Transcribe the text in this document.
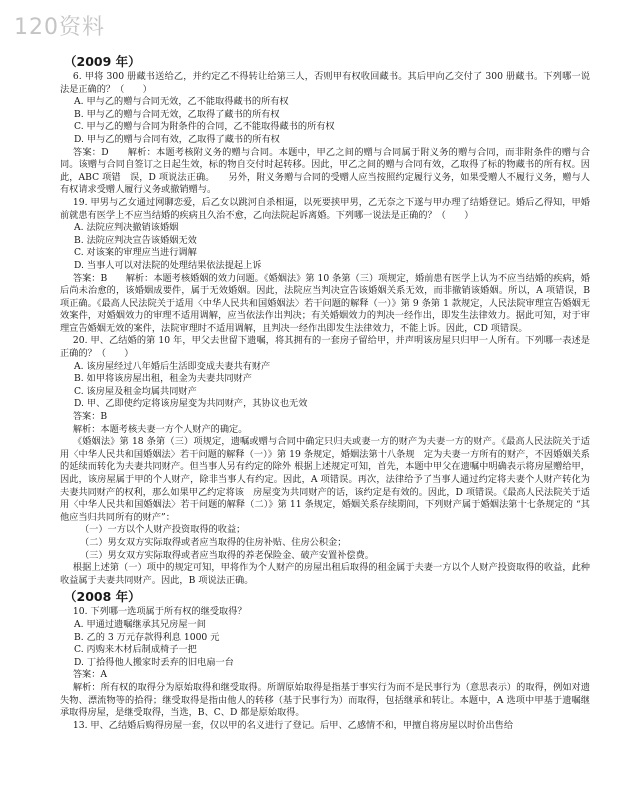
120资料
（2009 年）

6. 甲将 300 册藏书送给乙，并约定乙不得转让给第三人，否则甲有权收回藏书。其后甲向乙交付了 300 册藏书。下列哪一说法是正确的？（　　）

A. 甲与乙的赠与合同无效，乙不能取得藏书的所有权

B. 甲与乙的赠与合同无效，乙取得了藏书的所有权

C. 甲与乙的赠与合同为附条件的合同，乙不能取得藏书的所有权

D. 甲与乙的赠与合同有效，乙取得了藏书的所有权

答案：D　　解析：本题考核附义务的赠与合同。本题中，甲乙之间的赠与合同属于附义务的赠与合同，而非附条件的赠与合同。该赠与合同自签订之日起生效，标的物自交付时起转移。因此，甲乙之间的赠与合同有效，乙取得了标的物藏书的所有权。因此，ABC 项错　误，D 项说法正确。　　另外，附义务赠与合同的受赠人应当按照约定履行义务，如果受赠人不履行义务，赠与人有权请求受赠人履行义务或撤销赠与。

19. 甲男与乙女通过网聊恋爱，后乙女以跳河自杀相逼，以死要挟甲男，乙无奈之下遂与甲办理了结婚登记。婚后乙得知，甲婚前就患有医学上不应当结婚的疾病且久治不愈，乙向法院起诉离婚。下列哪一说法是正确的？（　　）

A. 法院应判决撤销该婚姻

B. 法院应判决宣告该婚姻无效

C. 对该案的审理应当进行调解

D. 当事人可以对法院的处理结果依法提起上诉

答案：B　　解析：本题考核婚姻的效力问题。《婚姻法》第 10 条第（三）项规定，婚前患有医学上认为不应当结婚的疾病，婚后尚未治愈的，该婚姻成要件，属于无效婚姻。因此，法院应当判决宣告该婚姻关系无效，而非撤销该婚姻。所以，A 项错误，B 项正确。《最高人民法院关于适用〈中华人民共和国婚姻法〉若干问题的解释（一）》第 9 条第 1 款规定，人民法院审理宣告婚姻无效案件，对婚姻效力的审理不适用调解，应当依法作出判决；有关婚姻效力的判决一经作出，即发生法律效力。据此可知，对于审理宣告婚姻无效的案件，法院审理时不适用调解，且判决一经作出即发生法律效力，不能上诉。因此，CD 项错误。

20. 甲、乙结婚的第 10 年，甲父去世留下遗嘱，将其拥有的一套房子留给甲，并声明该房屋只归甲一人所有。下列哪一表述是正确的？（　　）

A. 该房屋经过八年婚后生活即变成夫妻共有财产

B. 如甲将该房屋出租，租金为夫妻共同财产

C. 该房屋及租金均属共同财产

D. 甲、乙即使约定将该房屋变为共同财产，其协议也无效

答案：B

解析：本题考核夫妻一方个人财产的确定。

《婚姻法》第 18 条第（三）项规定，遗嘱或赠与合同中确定只归夫或妻一方的财产为夫妻一方的财产。《最高人民法院关于适用〈中华人民共和国婚姻法〉若干问题的解释（一）》第 19 条规定，婚姻法第十八条规　定为夫妻一方所有的财产，不因婚姻关系的延续而转化为夫妻共同财产。但当事人另有约定的除外 根据上述规定可知，首先，本题中甲父在遗嘱中明确表示将房屋赠给甲，因此，该房屋属于甲的个人财产，除非当事人有约定。因此，A 项错误。再次，法律给予了当事人通过约定将夫妻个人财产转化为夫妻共同财产的权利，那么如果甲乙约定将该　房屋变为共同财产的话，该约定是有效的。因此，D 项错误。《最高人民法院关于适用〈中华人民共和国婚姻法〉若干问题的解释（二）》第 11 条规定，婚姻关系存续期间，下列财产属于婚姻法第十七条规定的 “其他应当归共同所有的财产”：

（一）一方以个人财产投资取得的收益；

（二）男女双方实际取得或者应当取得的住房补贴、住房公积金；

（三）男女双方实际取得或者应当取得的养老保险金、破产安置补偿费。

根据上述第（一）项中的规定可知，甲将作为个人财产的房屋出租后取得的租金属于夫妻一方以个人财产投资取得的收益，此种收益属于夫妻共同财产。因此，B 项说法正确。

（2008 年）

10. 下列哪一选项属于所有权的继受取得？

A. 甲通过遗嘱继承其兄房屋一间

B. 乙的 3 万元存款得利息 1000 元

C. 丙购来木材后制成椅子一把

D. 丁拾得他人搬家时丢弃的旧电扇一台

答案：A

解析：所有权的取得分为原始取得和继受取得。所谓原始取得是指基于事实行为而不是民事行为（意思表示）的取得，例如对遗失物、漂流物等的拾得；继受取得是指由他人的转移（基于民事行为）而取得，包括继承和转让。本题中，A 选项中甲基于遗嘱继承取得房屋，是继受取得，当选，B、C、D 都是原始取得。

13. 甲、乙结婚后购得房屋一套，仅以甲的名义进行了登记。后甲、乙感情不和，甲擅自将房屋以时价出售给
